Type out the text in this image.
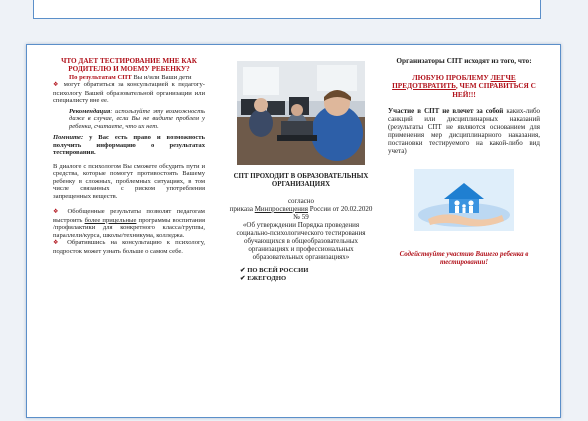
ЧТО ДАЕТ ТЕСТИРОВАНИЕ МНЕ КАК РОДИТЕЛЮ И МОЕМУ РЕБЕНКУ?

По результатам СПТ Вы и/или Ваши дети

❖ могут обратиться за консультацией к педагогу-психологу Вашей образовательной организации или специалисту вне ее.

Рекомендация: используйте эту возможность даже в случае, если Вы не видите проблем у ребенка, считаете, что их нет.

Помните: у Вас есть право и возможность получить информацию о результатах тестирования.

В диалоге с психологом Вы сможете обсудить пути и средства, которые помогут противостоять Вашему ребенку в сложных, проблемных ситуациях, в том числе связанных с риском употребления запрещенных веществ.

❖ Обобщенные результаты позволят педагогам выстроить более прицельные программы воспитания /профилактики для конкретного класса/группы, параллели/курса, школы/техникума, колледжа.

❖ Обратившись на консультацию к психологу, подросток может узнать больше о самом себе.

СПТ ПРОХОДИТ В ОБРАЗОВАТЕЛЬНЫХ ОРГАНИЗАЦИЯХ

согласно

приказа Минпросвещения России от 20.02.2020 № 59

«Об утверждении Порядка проведения социально-психологического тестирования обучающихся в общеобразовательных организациях и профессиональных образовательных организациях»

✔ ПО ВСЕЙ РОССИИ
✔ ЕЖЕГОДНО

Организаторы СПТ исходят из того, что:

ЛЮБУЮ ПРОБЛЕМУ ЛЕГЧЕ ПРЕДОТВРАТИТЬ, ЧЕМ СПРАВИТЬСЯ С НЕЙ!!!

Участие в СПТ не влечет за собой каких-либо санкций или дисциплинарных наказаний (результаты СПТ не являются основанием для применения мер дисциплинарного наказания, постановки тестируемого на какой-либо вид учета)

Содействуйте участию Вашего ребенка в тестировании!
